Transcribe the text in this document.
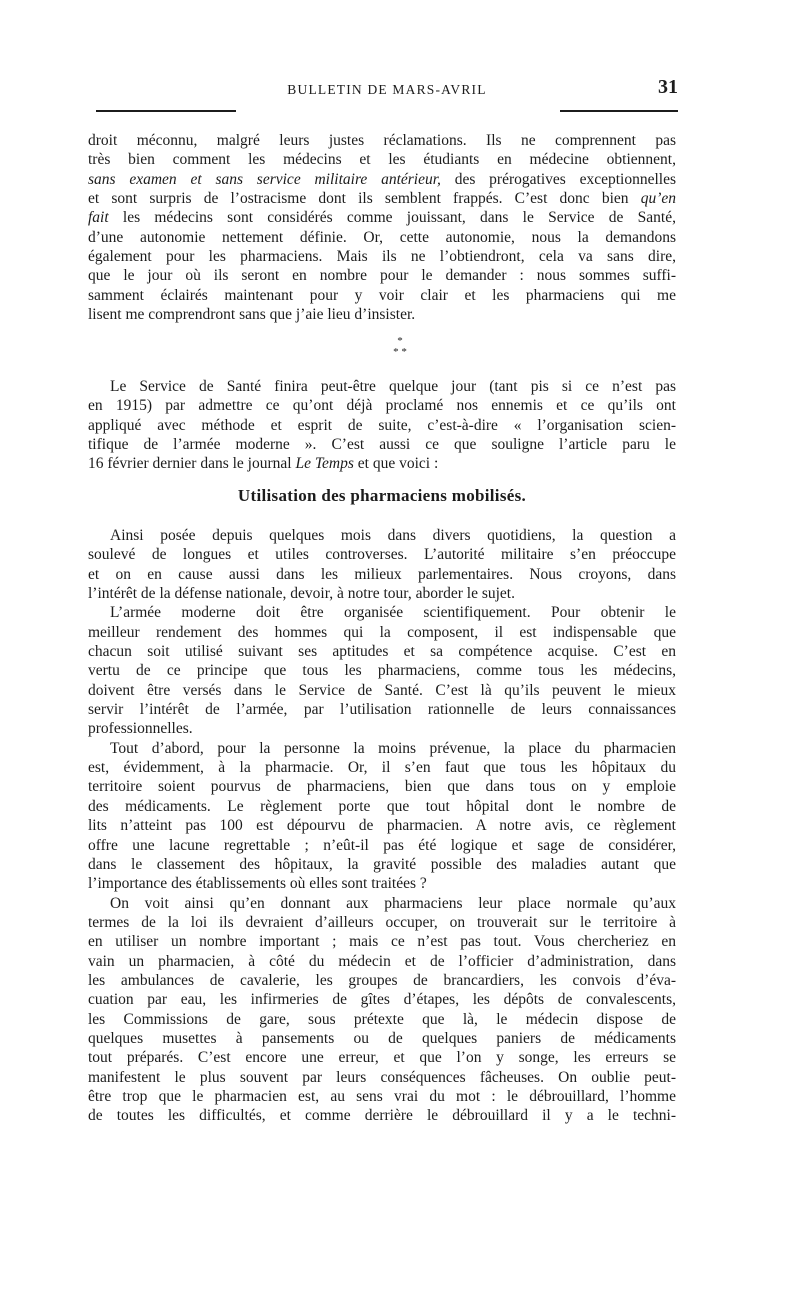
BULLETIN DE MARS-AVRIL	31
droit méconnu, malgré leurs justes réclamations. Ils ne comprennent pas
très bien comment les médecins et les étudiants en médecine obtiennent,
sans examen et sans service militaire antérieur, des prérogatives exceptionnelles
et sont surpris de l’ostracisme dont ils semblent frappés. C’est donc bien qu’en
fait les médecins sont considérés comme jouissant, dans le Service de Santé,
d’une autonomie nettement définie. Or, cette autonomie, nous la demandons
également pour les pharmaciens. Mais ils ne l’obtiendront, cela va sans dire,
que le jour où ils seront en nombre pour le demander : nous sommes suffi-
samment éclairés maintenant pour y voir clair et les pharmaciens qui me
lisent me comprendront sans que j’aie lieu d’insister.
*
* *
Le Service de Santé finira peut-être quelque jour (tant pis si ce n’est pas
en 1915) par admettre ce qu’ont déjà proclamé nos ennemis et ce qu’ils ont
appliqué avec méthode et esprit de suite, c’est-à-dire « l’organisation scien-
tifique de l’armée moderne ». C’est aussi ce que souligne l’article paru le
16 février dernier dans le journal Le Temps et que voici :
Utilisation des pharmaciens mobilisés.
Ainsi posée depuis quelques mois dans divers quotidiens, la question a
soulevé de longues et utiles controverses. L’autorité militaire s’en préoccupe
et on en cause aussi dans les milieux parlementaires. Nous croyons, dans
l’intérêt de la défense nationale, devoir, à notre tour, aborder le sujet.
L’armée moderne doit être organisée scientifiquement. Pour obtenir le
meilleur rendement des hommes qui la composent, il est indispensable que
chacun soit utilisé suivant ses aptitudes et sa compétence acquise. C’est en
vertu de ce principe que tous les pharmaciens, comme tous les médecins,
doivent être versés dans le Service de Santé. C’est là qu’ils peuvent le mieux
servir l’intérêt de l’armée, par l’utilisation rationnelle de leurs connaissances
professionnelles.
Tout d’abord, pour la personne la moins prévenue, la place du pharmacien
est, évidemment, à la pharmacie. Or, il s’en faut que tous les hôpitaux du
territoire soient pourvus de pharmaciens, bien que dans tous on y emploie
des médicaments. Le règlement porte que tout hôpital dont le nombre de
lits n’atteint pas 100 est dépourvu de pharmacien. A notre avis, ce règlement
offre une lacune regrettable ; n’eût-il pas été logique et sage de considérer,
dans le classement des hôpitaux, la gravité possible des maladies autant que
l’importance des établissements où elles sont traitées ?
On voit ainsi qu’en donnant aux pharmaciens leur place normale qu’aux
termes de la loi ils devraient d’ailleurs occuper, on trouverait sur le territoire à
en utiliser un nombre important ; mais ce n’est pas tout. Vous chercheriez en
vain un pharmacien, à côté du médecin et de l’officier d’administration, dans
les ambulances de cavalerie, les groupes de brancardiers, les convois d’éva-
cuation par eau, les infirmeries de gîtes d’étapes, les dépôts de convalescents,
les Commissions de gare, sous prétexte que là, le médecin dispose de
quelques musettes à pansements ou de quelques paniers de médicaments
tout préparés. C’est encore une erreur, et que l’on y songe, les erreurs se
manifestent le plus souvent par leurs conséquences fâcheuses. On oublie peut-
être trop que le pharmacien est, au sens vrai du mot : le débrouillard, l’homme
de toutes les difficultés, et comme derrière le débrouillard il y a le techni-
